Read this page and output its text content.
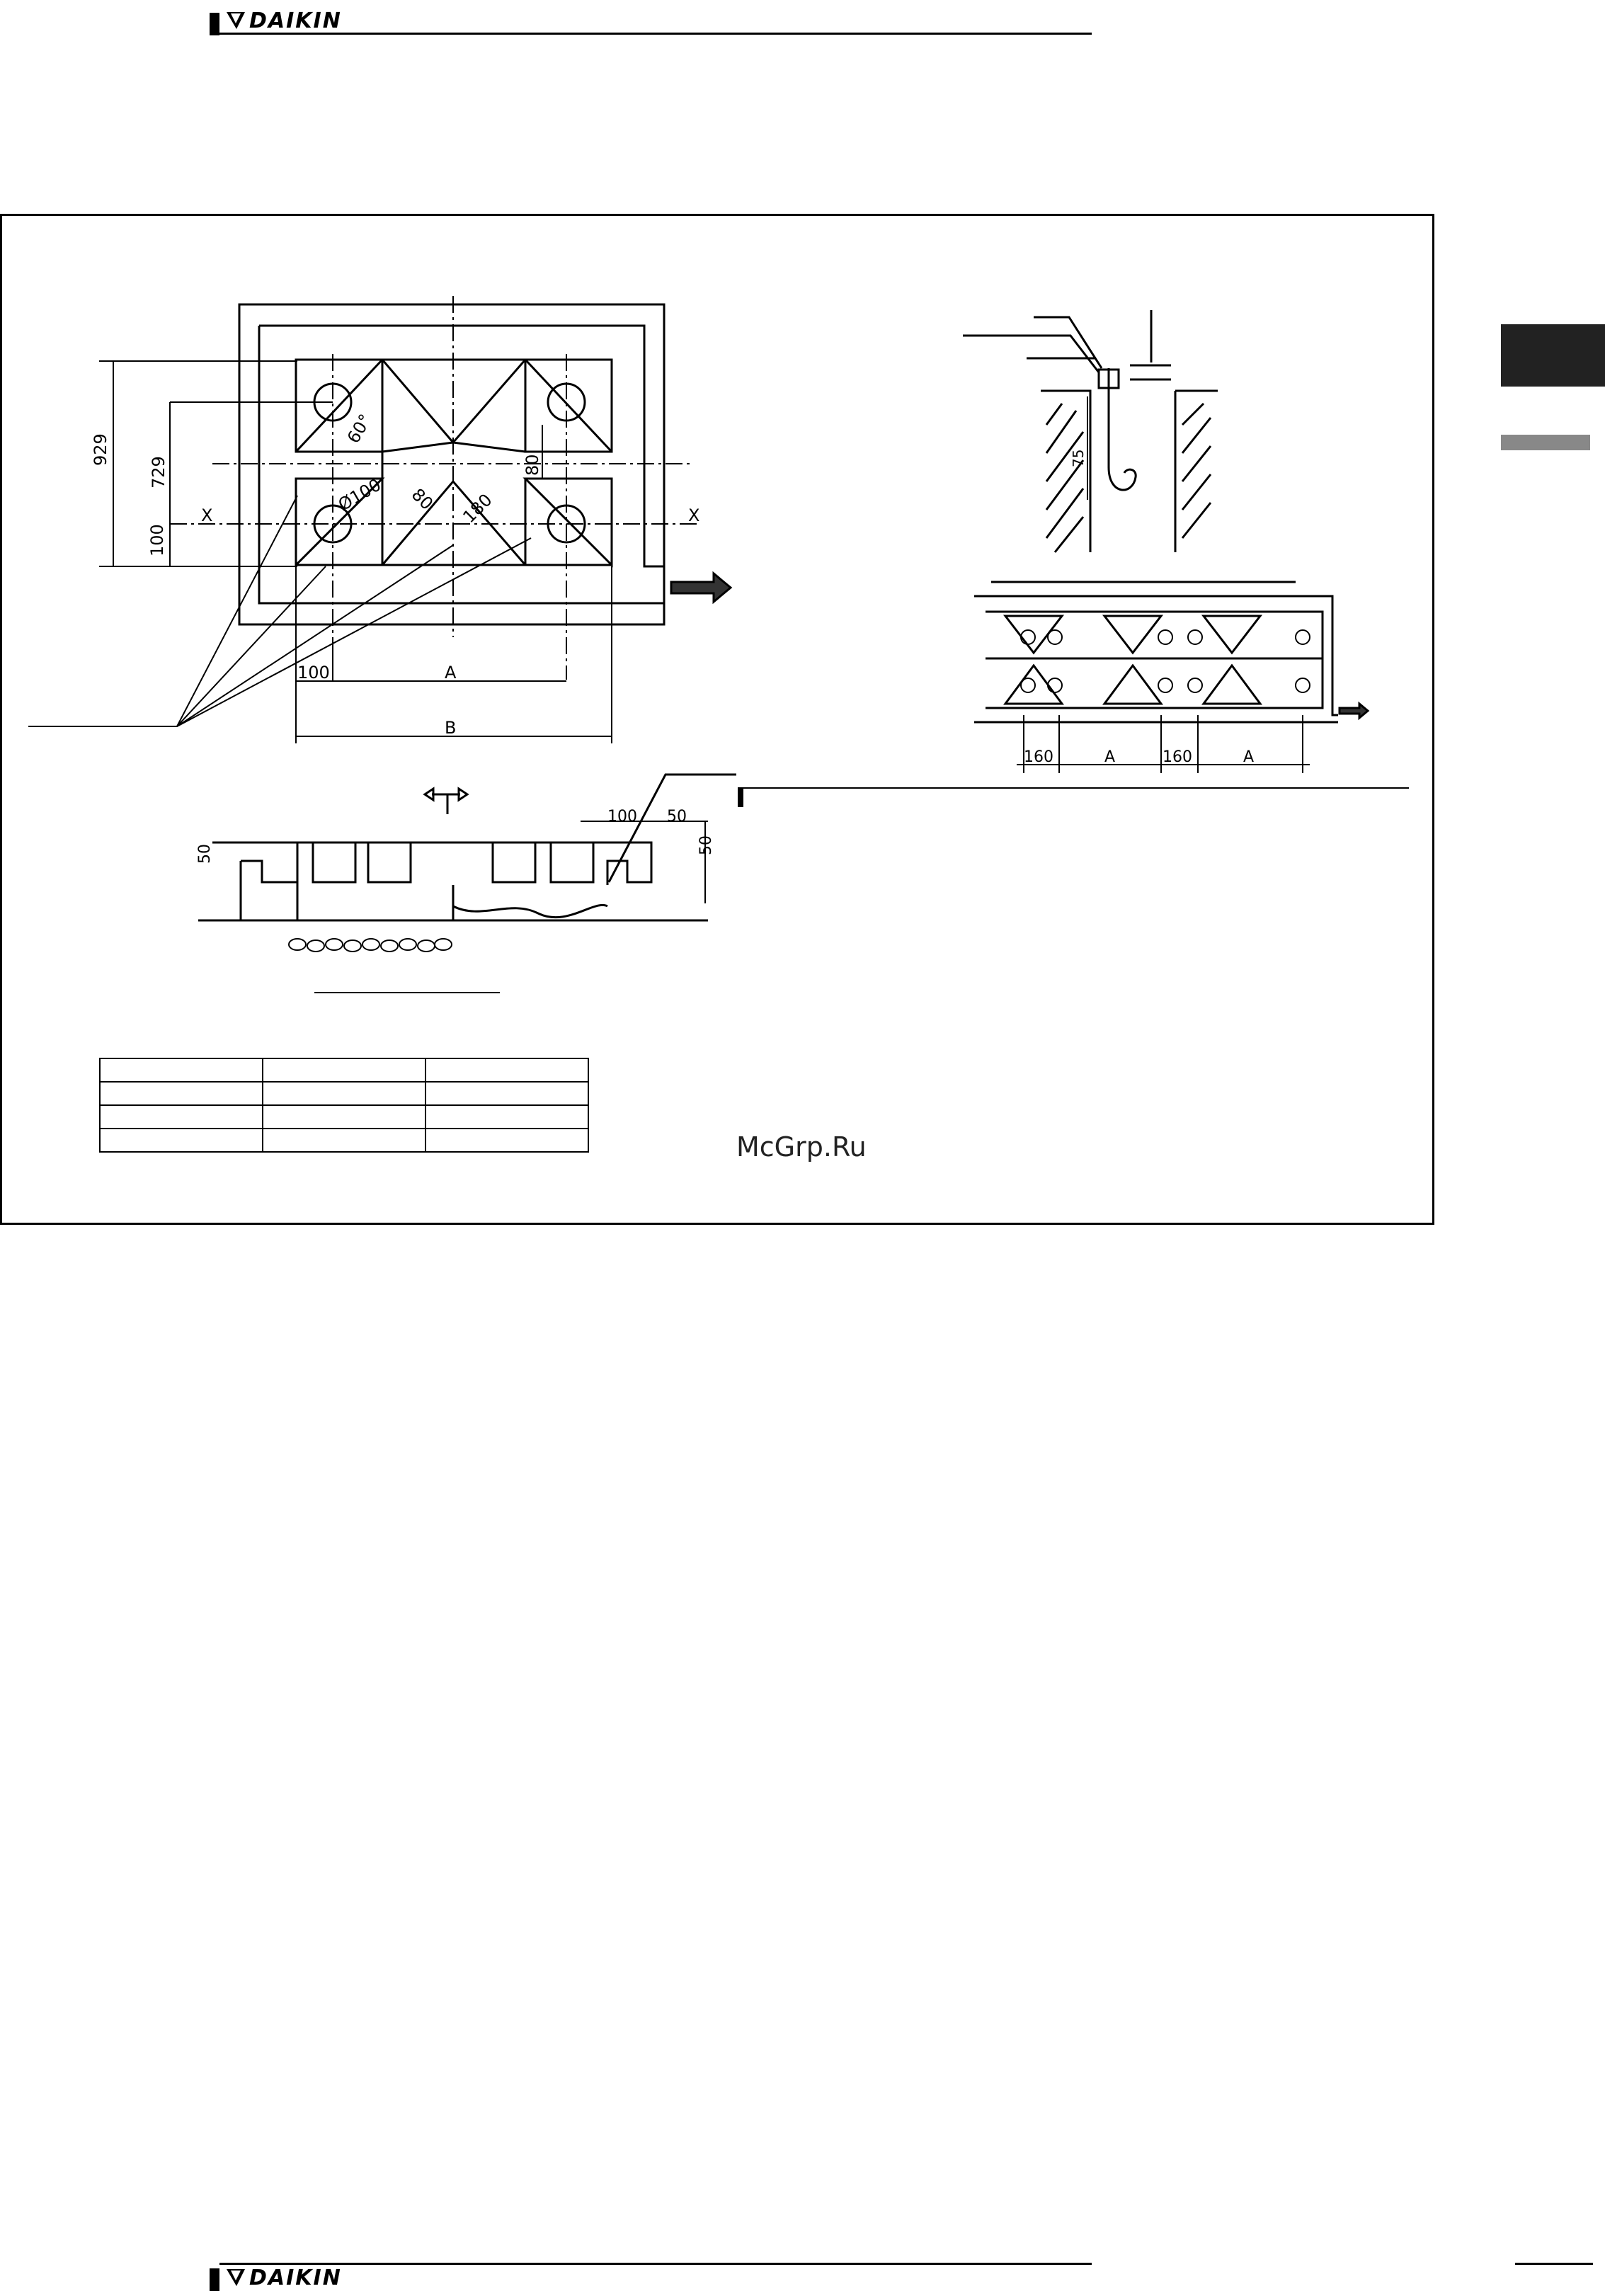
DAIKIN
929
729
100
100	A
B
80
80 180
60°
Ø100
X	X
50
100 50
50
75
160	A	160	A

McGrp.Ru
DAIKIN
